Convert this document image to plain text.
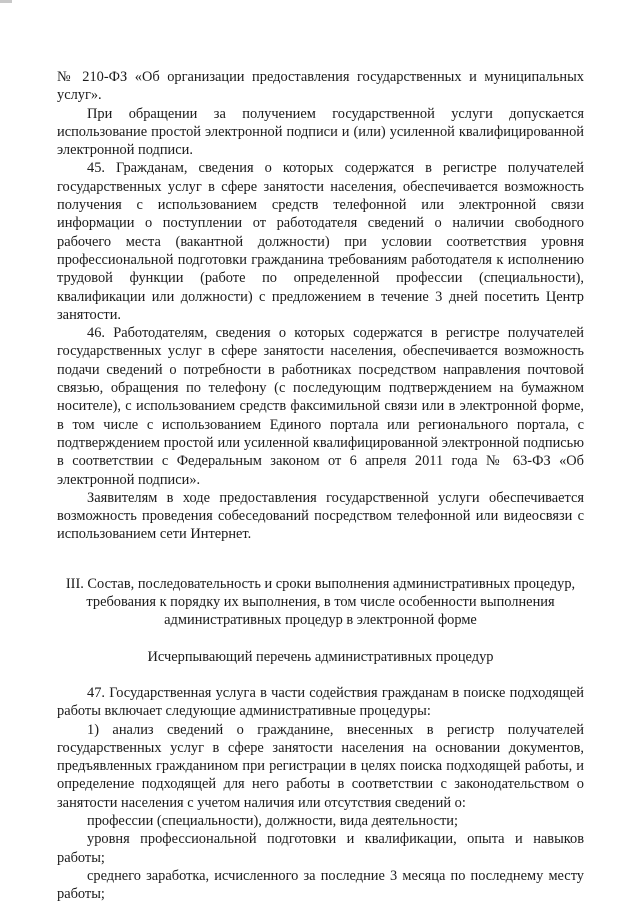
№ 210-ФЗ «Об организации предоставления государственных и муниципальных услуг».

При обращении за получением государственной услуги допускается использование простой электронной подписи и (или) усиленной квалифицированной электронной подписи.

45. Гражданам, сведения о которых содержатся в регистре получателей государственных услуг в сфере занятости населения, обеспечивается возможность получения с использованием средств телефонной или электронной связи информации о поступлении от работодателя сведений о наличии свободного рабочего места (вакантной должности) при условии соответствия уровня профессиональной подготовки гражданина требованиям работодателя к исполнению трудовой функции (работе по определенной профессии (специальности), квалификации или должности) с предложением в течение 3 дней посетить Центр занятости.

46. Работодателям, сведения о которых содержатся в регистре получателей государственных услуг в сфере занятости населения, обеспечивается возможность подачи сведений о потребности в работниках посредством направления почтовой связью, обращения по телефону (с последующим подтверждением на бумажном носителе), с использованием средств факсимильной связи или в электронной форме, в том числе с использованием Единого портала или регионального портала, с подтверждением простой или усиленной квалифицированной электронной подписью в соответствии с Федеральным законом от 6 апреля 2011 года № 63-ФЗ «Об электронной подписи».

Заявителям в ходе предоставления государственной услуги обеспечивается возможность проведения собеседований посредством телефонной или видеосвязи с использованием сети Интернет.

III. Состав, последовательность и сроки выполнения административных процедур, требования к порядку их выполнения, в том числе особенности выполнения административных процедур в электронной форме

Исчерпывающий перечень административных процедур

47. Государственная услуга в части содействия гражданам в поиске подходящей работы включает следующие административные процедуры:

1) анализ сведений о гражданине, внесенных в регистр получателей государственных услуг в сфере занятости населения на основании документов, предъявленных гражданином при регистрации в целях поиска подходящей работы, и определение подходящей для него работы в соответствии с законодательством о занятости населения с учетом наличия или отсутствия сведений о:

профессии (специальности), должности, вида деятельности;

уровня профессиональной подготовки и квалификации, опыта и навыков работы;

среднего заработка, исчисленного за последние 3 месяца по последнему месту работы;
